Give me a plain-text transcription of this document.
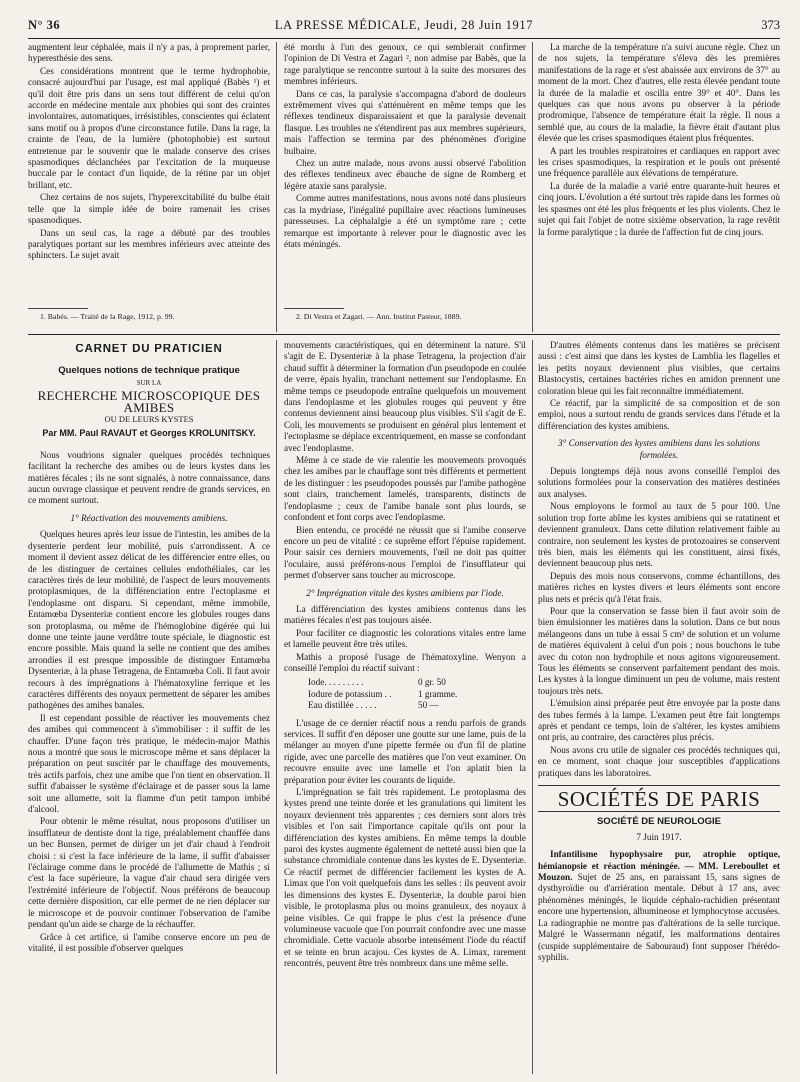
N° 36	LA PRESSE MÉDICALE, Jeudi, 28 Juin 1917	373

augmentent leur céphalée, mais il n'y a pas, à proprement parler, hyperesthésie des sens.

Ces considérations montrent que le terme hydrophobie, consacré aujourd'hui par l'usage, est mal appliqué (Babès ¹) et qu'il doit être pris dans un sens tout différent de celui qu'on accorde en médecine mentale aux phobies qui sont des craintes involontaires, automatiques, irrésistibles, conscientes qui éclatent sans motif ou à propos d'une circonstance futile. Dans la rage, la crainte de l'eau, de la lumière (photophobie) est surtout entretenue par le souvenir que le malade conserve des crises spasmodiques déclanchées par l'excitation de la muqueuse buccale par le contact d'un liquide, de la rétine par un objet brillant, etc.

Chez certains de nos sujets, l'hyperexcitabilité du bulbe était telle que la simple idée de boire ramenait les crises spasmodiques.

Dans un seul cas, la rage a débuté par des troubles paralytiques portant sur les membres inférieurs avec atteinte des sphincters. Le sujet avait

été mordu à l'un des genoux, ce qui semblerait confirmer l'opinion de Di Vestra et Zagari ², non admise par Babès, que la rage paralytique se rencontre surtout à la suite des morsures des membres inférieurs.

Dans ce cas, la paralysie s'accompagna d'abord de douleurs extrêmement vives qui s'atténuèrent en même temps que les réflexes tendineux disparaissaient et que la paralysie devenait flasque. Les troubles ne s'étendirent pas aux membres supérieurs, mais l'affection se termina par des phénomènes d'origine bulbaire.

Chez un autre malade, nous avons aussi observé l'abolition des réflexes tendineux avec ébauche de signe de Romberg et légère ataxie sans paralysie.

Comme autres manifestations, nous avons noté dans plusieurs cas la mydriase, l'inégalité pupillaire avec réactions lumineuses paresseuses. La céphalalgie a été un symptôme rare ; cette remarque est importante à relever pour le diagnostic avec les états méningés.

La marche de la température n'a suivi aucune règle. Chez un de nos sujets, la température s'éleva dès les premières manifestations de la rage et s'est abaissée aux environs de 37° au moment de la mort. Chez d'autres, elle resta élevée pendant toute la durée de la maladie et oscilla entre 39° et 40°. Dans les quelques cas que nous avons pu observer à la période prodromique, l'absence de température était la règle. Il nous a semblé que, au cours de la maladie, la fièvre était d'autant plus élevée que les crises spasmodiques étaient plus fréquentes.

A part les troubles respiratoires et cardiaques en rapport avec les crises spasmodiques, la respiration et le pouls ont présenté une fréquence parallèle aux élévations de température.

La durée de la maladie a varié entre quarante-huit heures et cinq jours. L'évolution a été surtout très rapide dans les formes où les spasmes ont été les plus fréquents et les plus violents. Chez le sujet qui fait l'objet de notre sixième observation, la rage revêtit la forme paralytique ; la durée de l'affection fut de cinq jours.

1. Babès. — Traité de la Rage, 1912, p. 99.	2. Di Vestra et Zagari. — Ann. Institut Pasteur, 1889.
CARNET DU PRATICIEN
Quelques notions de technique pratique
SUR LA
RECHERCHE MICROSCOPIQUE DES AMIBES
OU DE LEURS KYSTES
Par MM. Paul RAVAUT et Georges KROLUNITSKY.

Nous voudrions signaler quelques procédés techniques facilitant la recherche des amibes ou de leurs kystes dans les matières fécales ; ils ne sont signalés, à notre connaissance, dans aucun ouvrage classique et peuvent rendre de grands services, en ce moment surtout.

1° Réactivation des mouvements amibiens.

Quelques heures après leur issue de l'intestin, les amibes de la dysenterie perdent leur mobilité, puis s'arrondissent. A ce moment il devient assez délicat de les différencier entre elles, ou de les distinguer de certaines cellules endothéliales, car les caractères tirés de leur mobilité, de l'aspect de leurs mouvements protoplasmiques, de la différenciation entre l'ectoplasme et l'endoplasme ont disparu. Si cependant, même immobile, Entamœba Dysenteriæ contient encore les globules rouges dans son protoplasma, ou même de l'hémoglobine digérée qui lui donne une teinte jaune verdâtre toute spéciale, le diagnostic est encore possible. Mais quand la selle ne contient que des amibes arrondies il est presque impossible de distinguer Entamœba Dysenteriæ, à la phase Tetragena, de Entamœba Coli. Il faut avoir recours à des imprégnations à l'hématoxyline ferrique et les caractères différents des noyaux permettent de séparer les amibes pathogènes des amibes banales.

Il est cependant possible de réactiver les mouvements chez des amibes qui commencent à s'immobiliser : il suffit de les chauffer. D'une façon très pratique, le médecin-major Mathis nous a montré que sous le microscope même et sans déplacer la préparation on peut suscitér par le chauffage des mouvements, très actifs parfois, chez une amibe que l'on tient en observation. Il suffit d'abaisser le système d'éclairage et de passer sous la lame soit une allumette, soit la flamme d'un petit tampon imbibé d'alcool.

Pour obtenir le même résultat, nous proposons d'utiliser un insufflateur de dentiste dont la tige, préalablement chauffée dans un bec Bunsen, permet de diriger un jet d'air chaud à l'endroit choisi : si c'est la face inférieure de la lame, il suffit d'abaisser l'éclairage comme dans le procédé de l'allumette de Mathis ; si c'est la face supérieure, la vague d'air chaud sera dirigée vers l'extrémité inférieure de l'objectif. Nous préférons de beaucoup cette dernière disposition, car elle permet de ne rien déplacer sur le microscope et de pouvoir continuer l'observation de l'amibe pendant qu'un aide se charge de la réchauffer.

Grâce à cet artifice, si l'amibe conserve encore un peu de vitalité, il est possible d'observer quelques

mouvements caractéristiques, qui en déterminent la nature. S'il s'agit de E. Dysenteriæ à la phase Tetragena, la projection d'air chaud suffit à déterminer la formation d'un pseudopode en coulée de verre, épais hyalin, tranchant nettement sur l'endoplasme. En même temps ce pseudopode entraîne quelquefois un mouvement dans l'endoplasme et les globules rouges qui peuvent y être contenus deviennent ainsi beaucoup plus visibles. S'il s'agit de E. Coli, les mouvements se produisent en général plus lentement et l'ectoplasme se déplace excentriquement, en masse se confondant avec l'endoplasme.

Même à ce stade de vie ralentie les mouvements provoqués chez les amibes par le chauffage sont très différents et permettent de les distinguer : les pseudopodes poussés par l'amibe pathogène sont clairs, tranchement lamelés, transparents, distincts de l'endoplasme ; ceux de l'amibe banale sont plus lourds, se confondent et font corps avec l'endoplasme.

Bien entendu, ce procédé ne réussit que si l'amibe conserve encore un peu de vitalité : ce suprême effort l'épuise rapidement. Pour saisir ces derniers mouvements, l'œil ne doit pas quitter l'oculaire, aussi préférons-nous l'emploi de l'insufflateur qui permet d'observer sans toucher au microscope.

2° Imprégnation vitale des kystes amibiens par l'iode.

La différenciation des kystes amibiens contenus dans les matières fécales n'est pas toujours aisée.

Pour faciliter ce diagnostic les colorations vitales entre lame et lamelle peuvent être très utiles.

Mathis a proposé l'usage de l'hématoxyline. Wenyon a conseillé l'emploi du réactif suivant :

Iode. . . . . . . . .	0 gr. 50
Iodure de potassium . .	1 gramme.
Eau distillée . . . . .	50 —

L'usage de ce dernier réactif nous a rendu parfois de grands services. Il suffit d'en déposer une goutte sur une lame, puis de la mélanger au moyen d'une pipette fermée ou d'un fil de platine rigide, avec une parcelle des matières que l'on veut examiner. On recouvre ensuite avec une lamelle et l'on aplatit bien la préparation pour éviter les courants de liquide.

L'imprégnation se fait très rapidement. Le protoplasma des kystes prend une teinte dorée et les granulations qui limitent les noyaux deviennent très apparentes ; ces derniers sont alors très visibles et l'on sait l'importance capitale qu'ils ont pour la différenciation des kystes amibiens. En même temps la double paroi des kystes augmente également de netteté aussi bien que la substance chromidiale contenue dans les kystes de E. Dysenteriæ. Ce réactif permet de différencier facilement les kystes de A. Limax que l'on voit quelquefois dans les selles : ils peuvent avoir les dimensions des kystes E. Dysenteriæ, la double paroi bien visible, le protoplasma plus ou moins granuleux, des noyaux à peine visibles. Ce qui frappe le plus c'est la présence d'une volumineuse vacuole que l'on pourrait confondre avec une masse chromidiale. Cette vacuole absorbe intensément l'iode du réactif et se teinte en brun acajou. Ces kystes de A. Limax, rarement rencontrés, peuvent être très nombreux dans une même selle.

D'autres éléments contenus dans les matières se précisent aussi : c'est ainsi que dans les kystes de Lamblia les flagelles et les petits noyaux deviennent plus visibles, que certains Blastocystis, certaines bactéries riches en amidon prennent une coloration bleue qui les fait reconnaître immédiatement.

Ce réactif, par la simplicité de sa composition et de son emploi, nous a surtout rendu de grands services dans l'étude et la différenciation des kystes amibiens.

3° Conservation des kystes amibiens dans les solutions formolées.

Depuis longtemps déjà nous avons conseillé l'emploi des solutions formolées pour la conservation des matières destinées aux analyses.

Nous employons le formol au taux de 5 pour 100. Une solution trop forte abîme les kystes amibiens qui se ratatinent et deviennent granuleux. Dans cette dilution relativement faible au contraire, non seulement les kystes de protozoaires se conservent très bien, mais les éléments qui les constituent, ainsi fixés, deviennent beaucoup plus nets.

Depuis des mois nous conservons, comme échantillons, des matières riches en kystes divers et leurs éléments sont encore plus nets et précis qu'à l'état frais.

Pour que la conservation se fasse bien il faut avoir soin de bien émulsionner les matières dans la solution. Dans ce but nous mélangeons dans un tube à essai 5 cm³ de solution et un volume de matières équivalent à celui d'un pois ; nous bouchons le tube avec du coton non hydrophile et nous agitons vigoureusement. Tous les éléments se conservent parfaitement pendant des mois. Les kystes à la longue diminuent un peu de volume, mais restent toujours très nets.

L'émulsion ainsi préparée peut être envoyée par la poste dans des tubes fermés à la lampe. L'examen peut être fait longtemps après et pendant ce temps, loin de s'altérer, les kystes amibiens ont pris, au contraire, des caractères plus précis.

Nous avons cru utile de signaler ces procédés techniques qui, en ce moment, sont chaque jour susceptibles d'applications pratiques dans les laboratoires.

SOCIÉTÉS DE PARIS
SOCIÉTÉ DE NEUROLOGIE
7 Juin 1917.

Infantilisme hypophysaire pur, atrophie optique, hémianopsie et réaction méningée. — MM. Lereboullet et Mouzon. Sujet de 25 ans, en paraissant 15, sans signes de dysthyroïdie ou d'arriération mentale. Début à 17 ans, avec phénomènes méningés, le liquide céphalo-rachidien présentant encore une hypertension, albumineose et lymphocytose accusées. La radiographie ne montre pas d'altérations de la selle turcique. Malgré le Wassermann négatif, les malformations dentaires (cuspide supplémentaire de Sabouraud) font supposer l'hérédo-syphilis.
